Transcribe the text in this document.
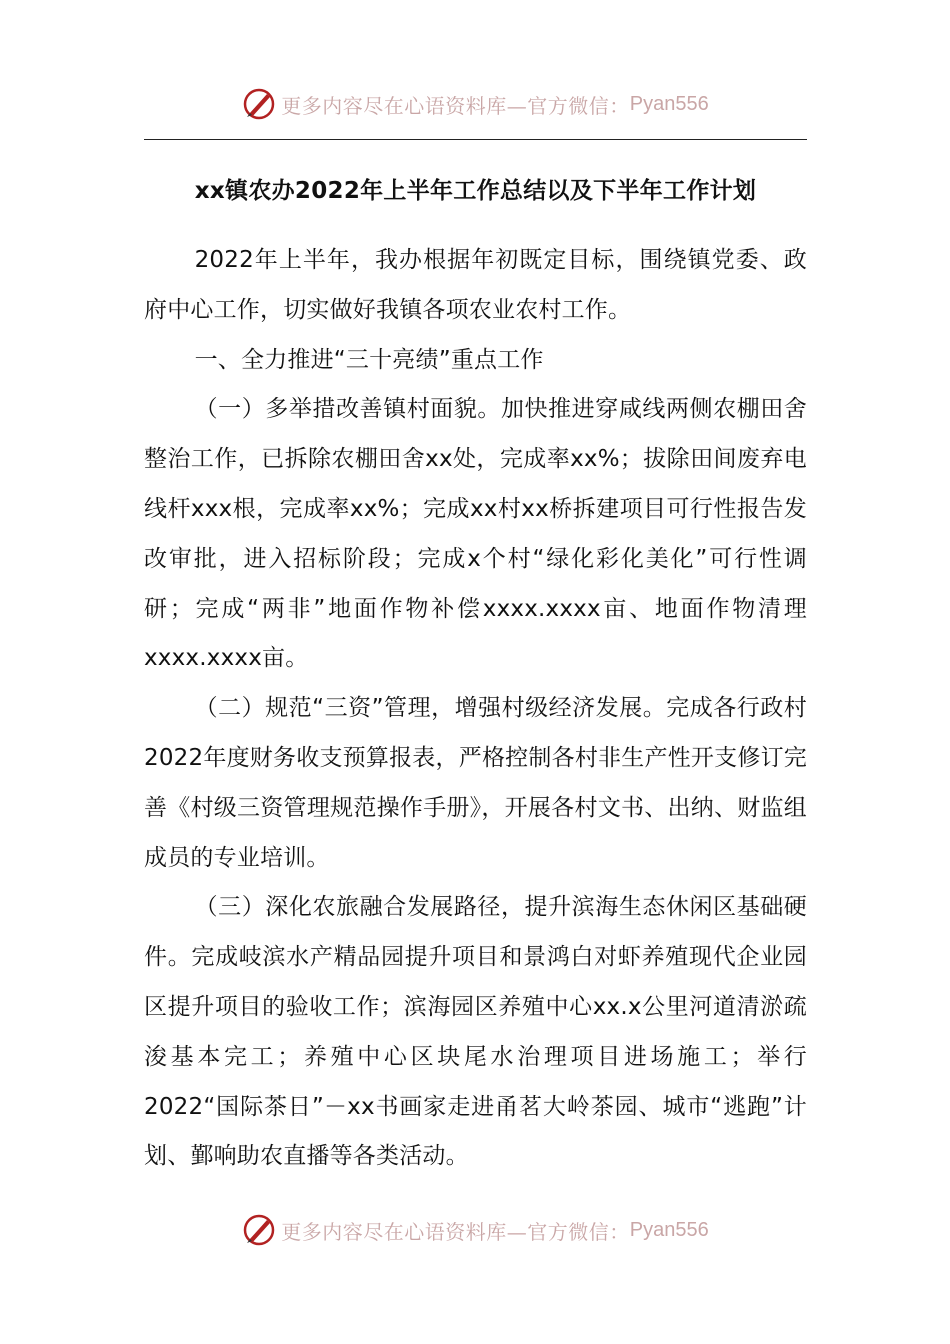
更多内容尽在心语资料库—官方微信： Pyan556
xx镇农办2022年上半年工作总结以及下半年工作计划

2022年上半年，我办根据年初既定目标，围绕镇党委、政府中心工作，切实做好我镇各项农业农村工作。

一、全力推进“三十亮绩”重点工作

（一）多举措改善镇村面貌。加快推进穿咸线两侧农棚田舍整治工作，已拆除农棚田舍xx处，完成率xx%；拔除田间废弃电线杆xxx根，完成率xx%；完成xx村xx桥拆建项目可行性报告发改审批，进入招标阶段；完成x个村“绿化彩化美化”可行性调研；完成“两非”地面作物补偿xxxx.xxxx亩、地面作物清理xxxx.xxxx亩。

（二）规范“三资”管理，增强村级经济发展。完成各行政村2022年度财务收支预算报表，严格控制各村非生产性开支修订完善《村级三资管理规范操作手册》，开展各村文书、出纳、财监组成员的专业培训。

（三）深化农旅融合发展路径，提升滨海生态休闲区基础硬件。完成岐滨水产精品园提升项目和景鸿白对虾养殖现代企业园区提升项目的验收工作；滨海园区养殖中心xx.x公里河道清淤疏浚基本完工；养殖中心区块尾水治理项目进场施工；举行2022“国际茶日”－xx书画家走进甬茗大岭茶园、城市“逃跑”计划、鄞响助农直播等各类活动。

更多内容尽在心语资料库—官方微信： Pyan556
